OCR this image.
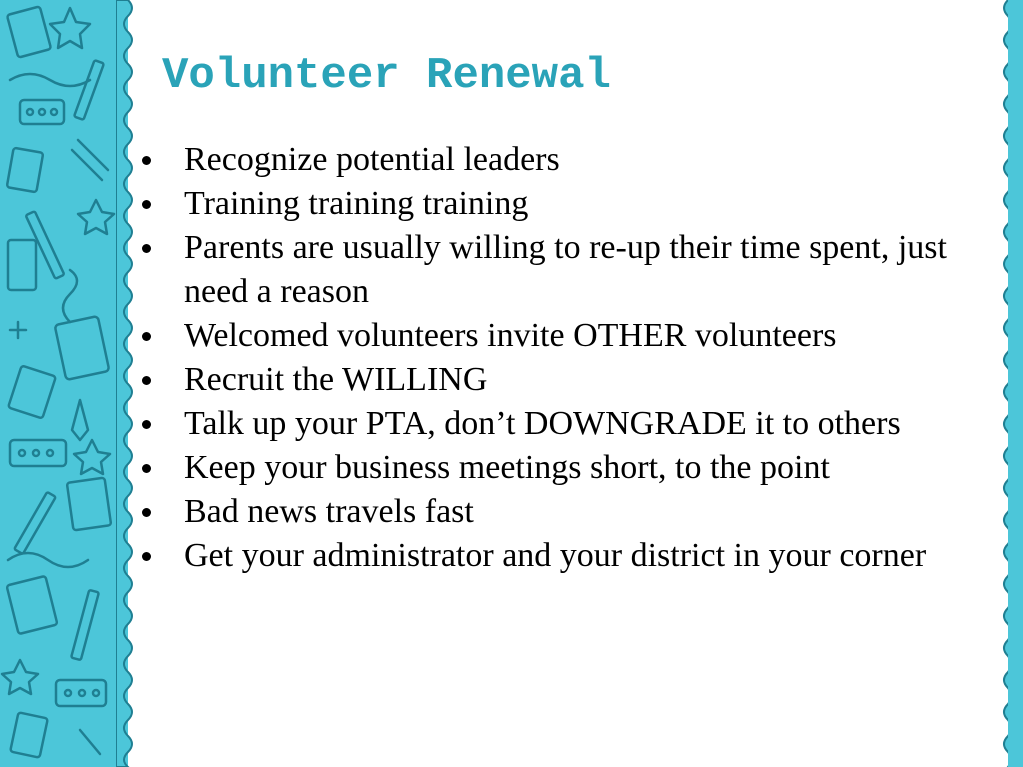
Volunteer Renewal
Recognize potential leaders
Training training training
Parents are usually willing to re-up their time spent, just need a reason
Welcomed volunteers invite OTHER volunteers
Recruit the WILLING
Talk up your PTA, don’t DOWNGRADE it to others
Keep your business meetings short, to the point
Bad news travels fast
Get your administrator and your district in your corner
